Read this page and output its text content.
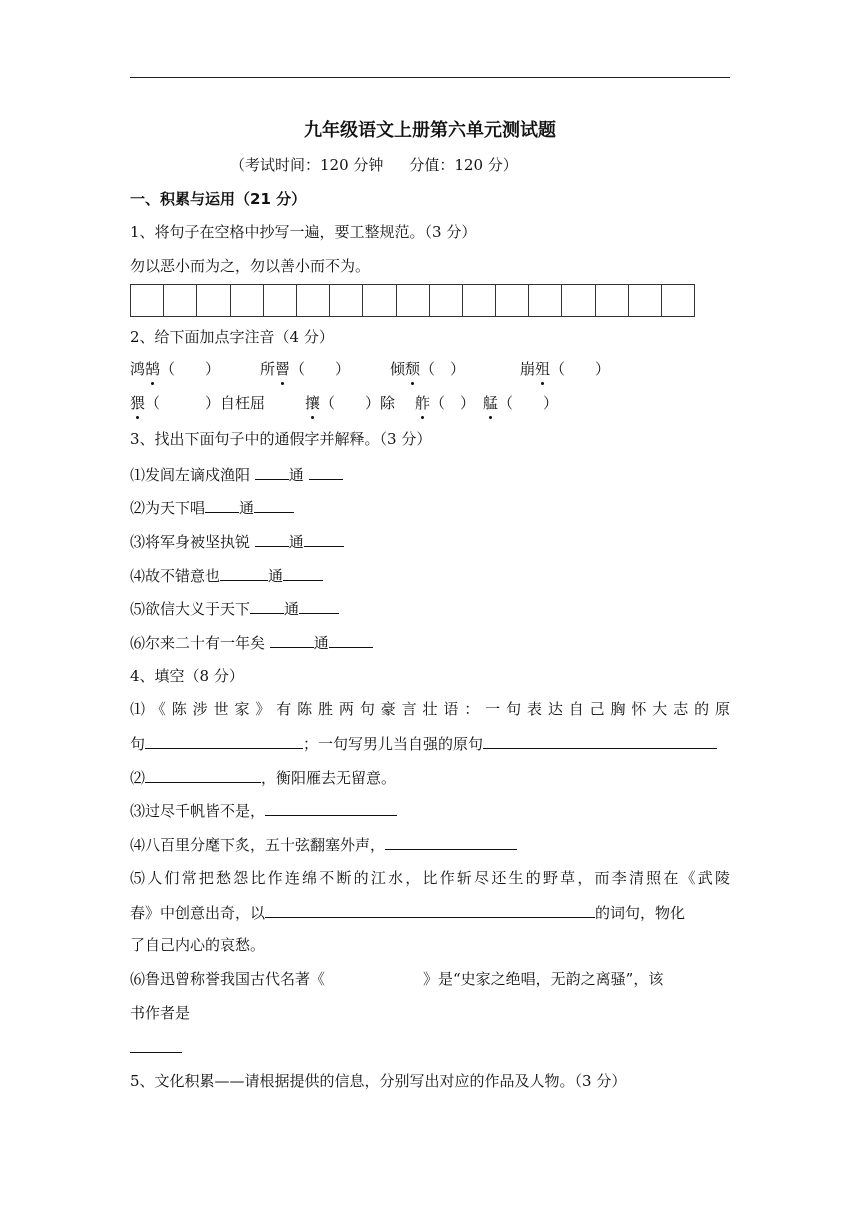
九年级语文上册第六单元测试题
（考试时间：120 分钟 分值：120 分）
一、积累与运用（21 分）
1、将句子在空格中抄写一遍，要工整规范。（3 分）
勿以恶小而为之，勿以善小而不为。
2、给下面加点字注音（4 分）
鸿鹄（　　）	所罾（　　）	倾颓（　）	崩殂（　　）
猥（　　　）自枉屈	攘（　　）除 舴（　） 艋（　　）
3、找出下面句子中的通假字并解释。（3 分）
⑴发闾左谪戍渔阳	通
⑵为天下唱 通
⑶将军身被坚执锐	通
⑷故不错意也	通
⑸欲信大义于天下 通
⑹尔来二十有一年矣	通
4、填空（8 分）
⑴《陈涉世家》有陈胜两句豪言壮语：一句表达自己胸怀大志的原
句	；一句写男儿当自强的原句
⑵	，衡阳雁去无留意。
⑶过尽千帆皆不是，
⑷八百里分麾下炙，五十弦翻塞外声，
⑸人们常把愁怨比作连绵不断的江水，比作斩尽还生的野草，而李清照在《武陵
春》中创意出奇，以	的词句，物化
了自己内心的哀愁。
⑹鲁迅曾称誉我国古代名著《	》是“史家之绝唱，无韵之离骚”，该
书作者是
5、文化积累——请根据提供的信息，分别写出对应的作品及人物。（3 分）
